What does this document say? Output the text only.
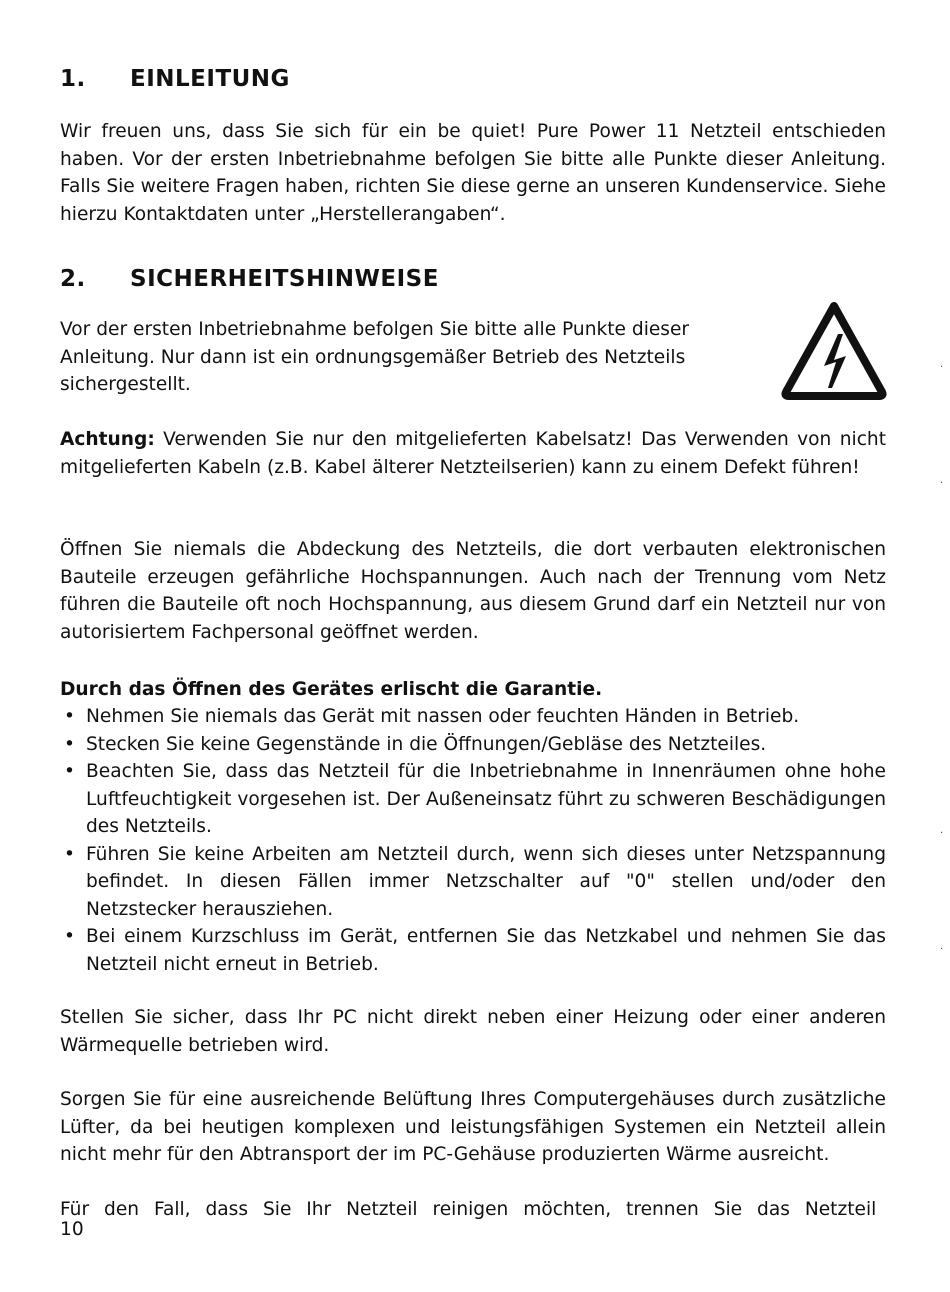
1. EINLEITUNG

Wir freuen uns, dass Sie sich für ein be quiet! Pure Power 11 Netzteil entschieden haben. Vor der ersten Inbetriebnahme befolgen Sie bitte alle Punkte dieser Anleitung. Falls Sie weitere Fragen haben, richten Sie diese gerne an unseren Kundenservice. Siehe hierzu Kontaktdaten unter „Herstellerangaben“.

2. SICHERHEITSHINWEISE

Vor der ersten Inbetriebnahme befolgen Sie bitte alle Punkte dieser Anleitung. Nur dann ist ein ordnungsgemäßer Betrieb des Netzteils sichergestellt.

Achtung: Verwenden Sie nur den mitgelieferten Kabelsatz! Das Verwenden von nicht mitgelieferten Kabeln (z.B. Kabel älterer Netzteilserien) kann zu einem Defekt führen!

Öffnen Sie niemals die Abdeckung des Netzteils, die dort verbauten elektronischen Bauteile erzeugen gefährliche Hochspannungen. Auch nach der Trennung vom Netz führen die Bauteile oft noch Hochspannung, aus diesem Grund darf ein Netzteil nur von autorisiertem Fachpersonal geöffnet werden.

Durch das Öffnen des Gerätes erlischt die Garantie.

• Nehmen Sie niemals das Gerät mit nassen oder feuchten Händen in Betrieb.
• Stecken Sie keine Gegenstände in die Öffnungen/Gebläse des Netzteiles.
• Beachten Sie, dass das Netzteil für die Inbetriebnahme in Innenräumen ohne hohe Luftfeuchtigkeit vorgesehen ist. Der Außeneinsatz führt zu schweren Beschädigungen des Netzteils.
• Führen Sie keine Arbeiten am Netzteil durch, wenn sich dieses unter Netzspannung befindet. In diesen Fällen immer Netzschalter auf "0" stellen und/oder den Netzstecker herausziehen.
• Bei einem Kurzschluss im Gerät, entfernen Sie das Netzkabel und nehmen Sie das Netzteil nicht erneut in Betrieb.

Stellen Sie sicher, dass Ihr PC nicht direkt neben einer Heizung oder einer anderen Wärmequelle betrieben wird.

Sorgen Sie für eine ausreichende Belüftung Ihres Computergehäuses durch zusätzliche Lüfter, da bei heutigen komplexen und leistungsfähigen Systemen ein Netzteil allein nicht mehr für den Abtransport der im PC-Gehäuse produzierten Wärme ausreicht.

Für den Fall, dass Sie Ihr Netzteil reinigen möchten, trennen Sie das Netzteil

10
·
·
·
·
